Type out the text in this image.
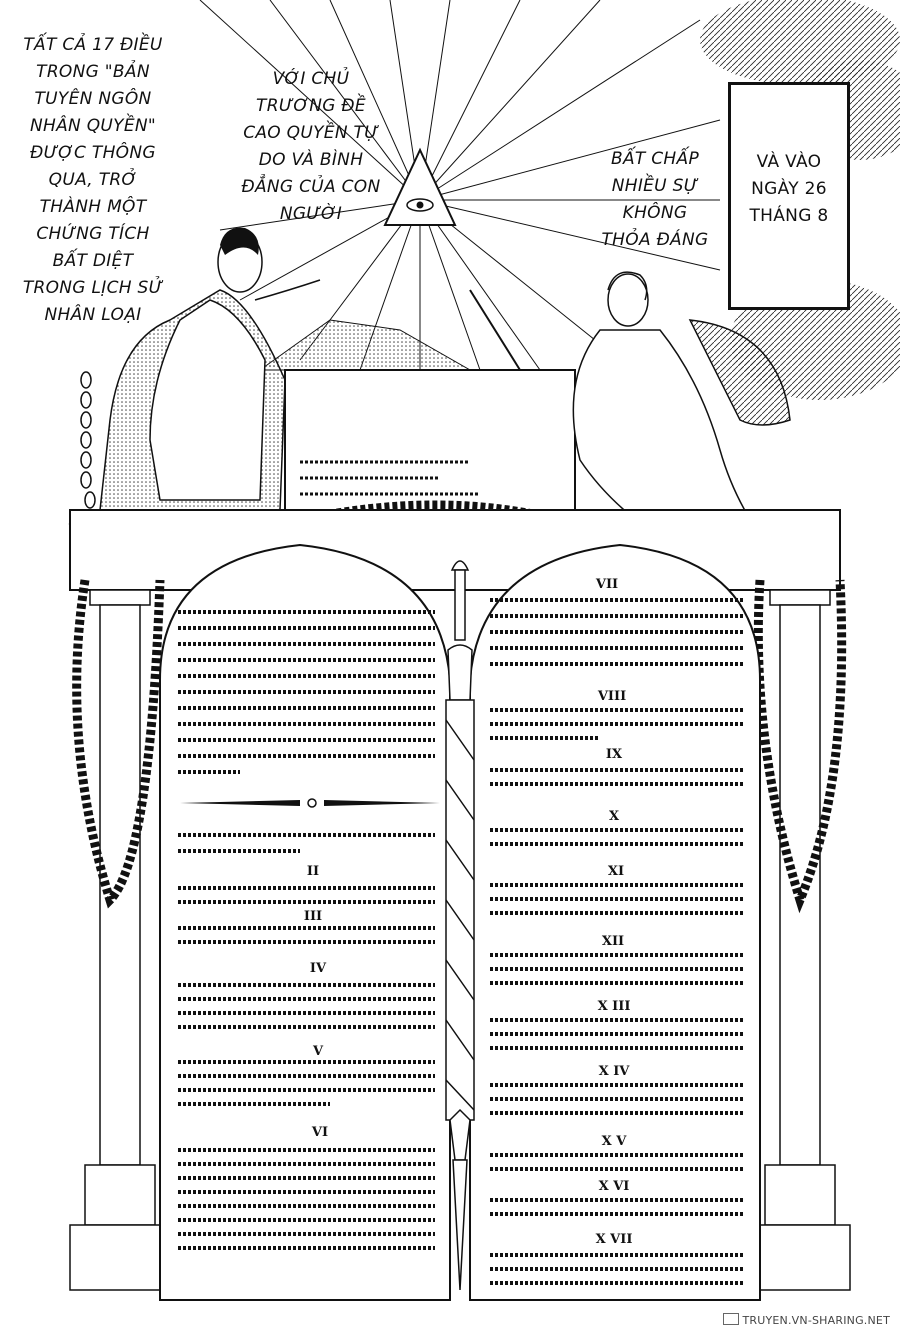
TẤT CẢ 17 ĐIỀU
TRONG "BẢN
TUYÊN NGÔN
NHÂN QUYỀN"
ĐƯỢC THÔNG
QUA, TRỞ
THÀNH MỘT
CHỨNG TÍCH
BẤT DIỆT
TRONG LỊCH SỬ
NHÂN LOẠI
VỚI CHỦ
TRƯƠNG ĐỀ
CAO QUYỀN TỰ
DO VÀ BÌNH
ĐẲNG CỦA CON
NGƯỜI
BẤT CHẤP
NHIỀU SỰ
KHÔNG
THỎA ĐÁNG
VÀ VÀO
NGÀY 26
THÁNG 8
II
III
IV
V
VI
VII
VIII
IX
X
XI
XII
X III
X IV
X V
X VI
X VII
TRUYEN.VN-SHARING.NET
